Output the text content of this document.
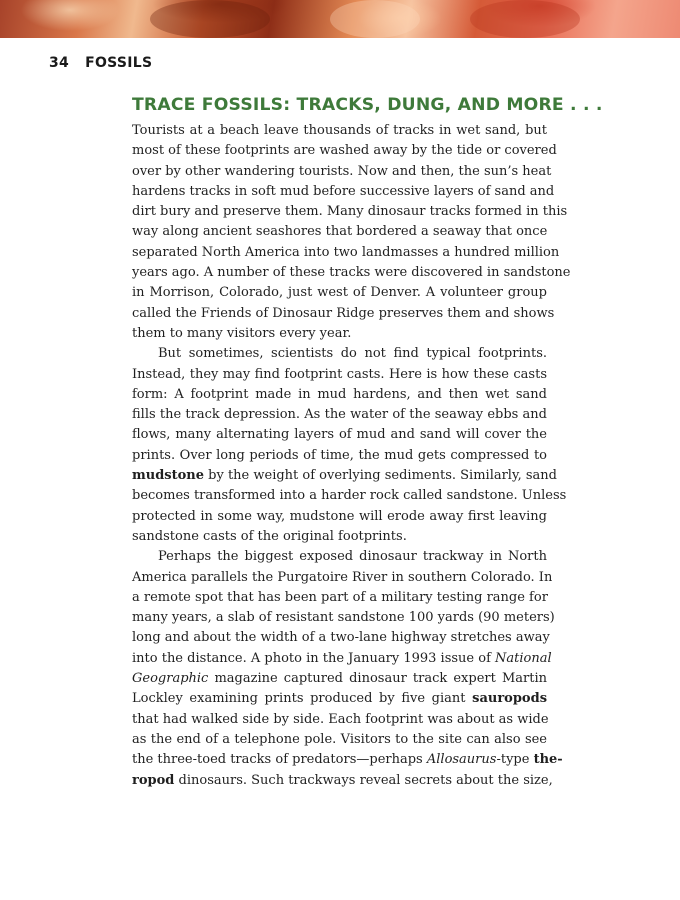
34 FOSSILS
TRACE FOSSILS: TRACKS, DUNG, AND MORE . . .
Tourists at a beach leave thousands of tracks in wet sand, but
most of these footprints are washed away by the tide or covered
over by other wandering tourists. Now and then, the sun’s heat
hardens tracks in soft mud before successive layers of sand and
dirt bury and preserve them. Many dinosaur tracks formed in this
way along ancient seashores that bordered a seaway that once
separated North America into two landmasses a hundred million
years ago. A number of these tracks were discovered in sandstone
in Morrison, Colorado, just west of Denver. A volunteer group
called the Friends of Dinosaur Ridge preserves them and shows
them to many visitors every year.
But sometimes, scientists do not find typical footprints.
Instead, they may find footprint casts. Here is how these casts
form: A footprint made in mud hardens, and then wet sand
fills the track depression. As the water of the seaway ebbs and
flows, many alternating layers of mud and sand will cover the
prints. Over long periods of time, the mud gets compressed to
mudstone by the weight of overlying sediments. Similarly, sand
becomes transformed into a harder rock called sandstone. Unless
protected in some way, mudstone will erode away first leaving
sandstone casts of the original footprints.
Perhaps the biggest exposed dinosaur trackway in North
America parallels the Purgatoire River in southern Colorado. In
a remote spot that has been part of a military testing range for
many years, a slab of resistant sandstone 100 yards (90 meters)
long and about the width of a two-lane highway stretches away
into the distance. A photo in the January 1993 issue of National
Geographic magazine captured dinosaur track expert Martin
Lockley examining prints produced by five giant sauropods
that had walked side by side. Each footprint was about as wide
as the end of a telephone pole. Visitors to the site can also see
the three-toed tracks of predators—perhaps Allosaurus-type the-
ropod dinosaurs. Such trackways reveal secrets about the size,
